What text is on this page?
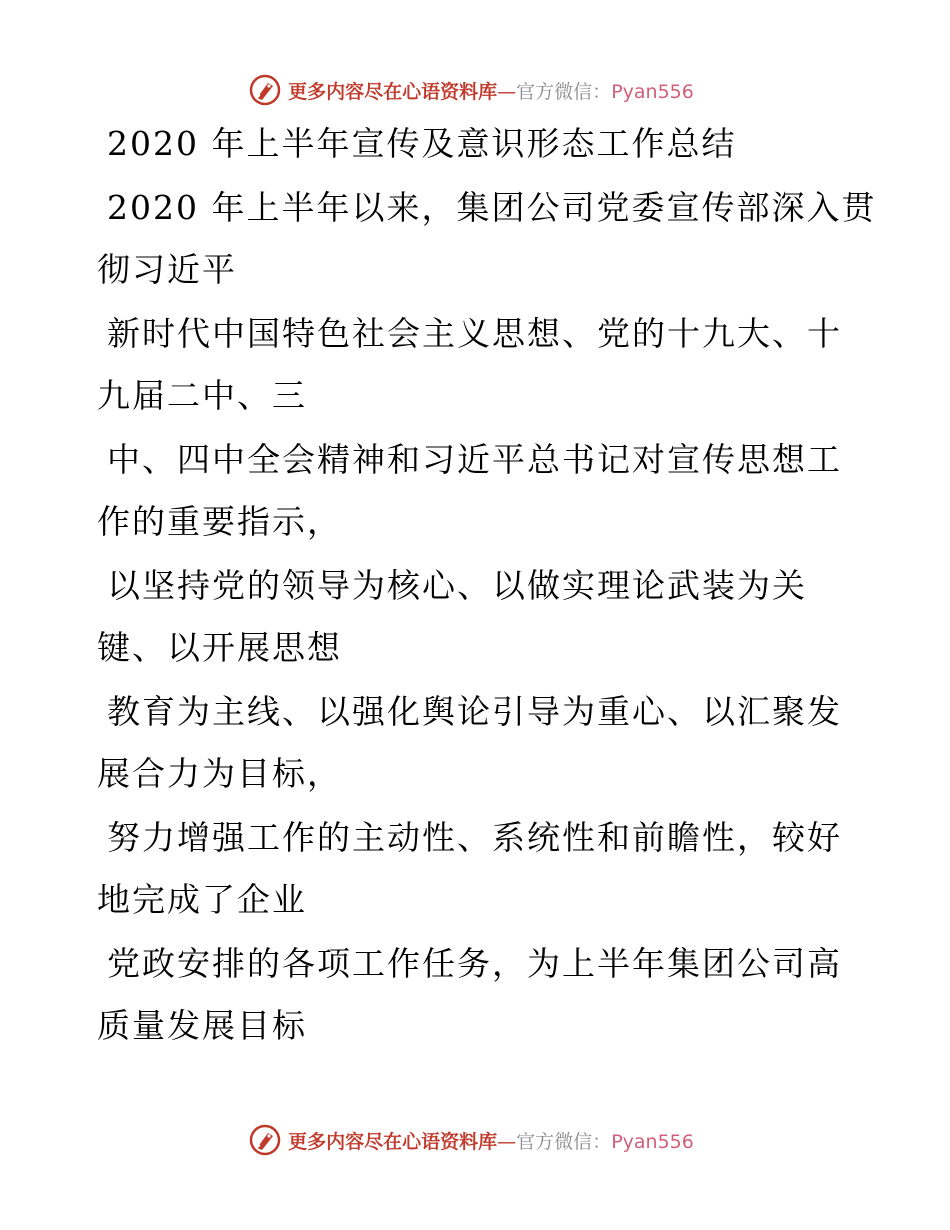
更多内容尽在心语资料库—官方微信：Pyan556
2020 年上半年宣传及意识形态工作总结
2020 年上半年以来，集团公司党委宣传部深入贯
彻习近平
新时代中国特色社会主义思想、党的十九大、十
九届二中、三
中、四中全会精神和习近平总书记对宣传思想工
作的重要指示，
以坚持党的领导为核心、以做实理论武装为关
键、以开展思想
教育为主线、以强化舆论引导为重心、以汇聚发
展合力为目标，
努力增强工作的主动性、系统性和前瞻性，较好
地完成了企业
党政安排的各项工作任务，为上半年集团公司高
质量发展目标
更多内容尽在心语资料库—官方微信：Pyan556
